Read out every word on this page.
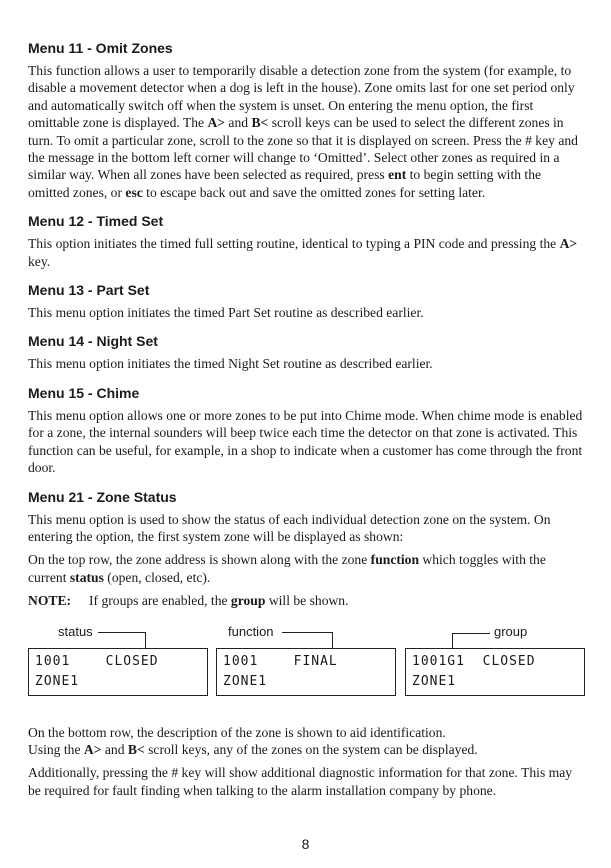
Menu 11 - Omit Zones

This function allows a user to temporarily disable a detection zone from the system (for example, to disable a movement detector when a dog is left in the house). Zone omits last for one set period only and automatically switch off when the system is unset. On entering the menu option, the first omittable zone is displayed. The A> and B< scroll keys can be used to select the different zones in turn. To omit a particular zone, scroll to the zone so that it is displayed on screen. Press the # key and the message in the bottom left corner will change to ‘Omitted’. Select other zones as required in a similar way. When all zones have been selected as required, press ent to begin setting with the omitted zones, or esc to escape back out and save the omitted zones for setting later.

Menu 12 - Timed Set

This option initiates the timed full setting routine, identical to typing a PIN code and pressing the A> key.

Menu 13 - Part Set

This menu option initiates the timed Part Set routine as described earlier.

Menu 14 - Night Set

This menu option initiates the timed Night Set routine as described earlier.

Menu 15 - Chime

This menu option allows one or more zones to be put into Chime mode. When chime mode is enabled for a zone, the internal sounders will beep twice each time the detector on that zone is activated. This function can be useful, for example, in a shop to indicate when a customer has come through the front door.

Menu 21 - Zone Status

This menu option is used to show the status of each individual detection zone on the system. On entering the option, the first system zone will be displayed as shown:

On the top row, the zone address is shown along with the zone function which toggles with the current status (open, closed, etc).

NOTE:	If groups are enabled, the group will be shown.

status
1001    CLOSED
ZONE1
function
1001    FINAL
ZONE1
group
1001G1  CLOSED
ZONE1

On the bottom row, the description of the zone is shown to aid identification.

Using the A> and B< scroll keys, any of the zones on the system can be displayed.

Additionally, pressing the # key will show additional diagnostic information for that zone. This may be required for fault finding when talking to the alarm installation company by phone.

8
